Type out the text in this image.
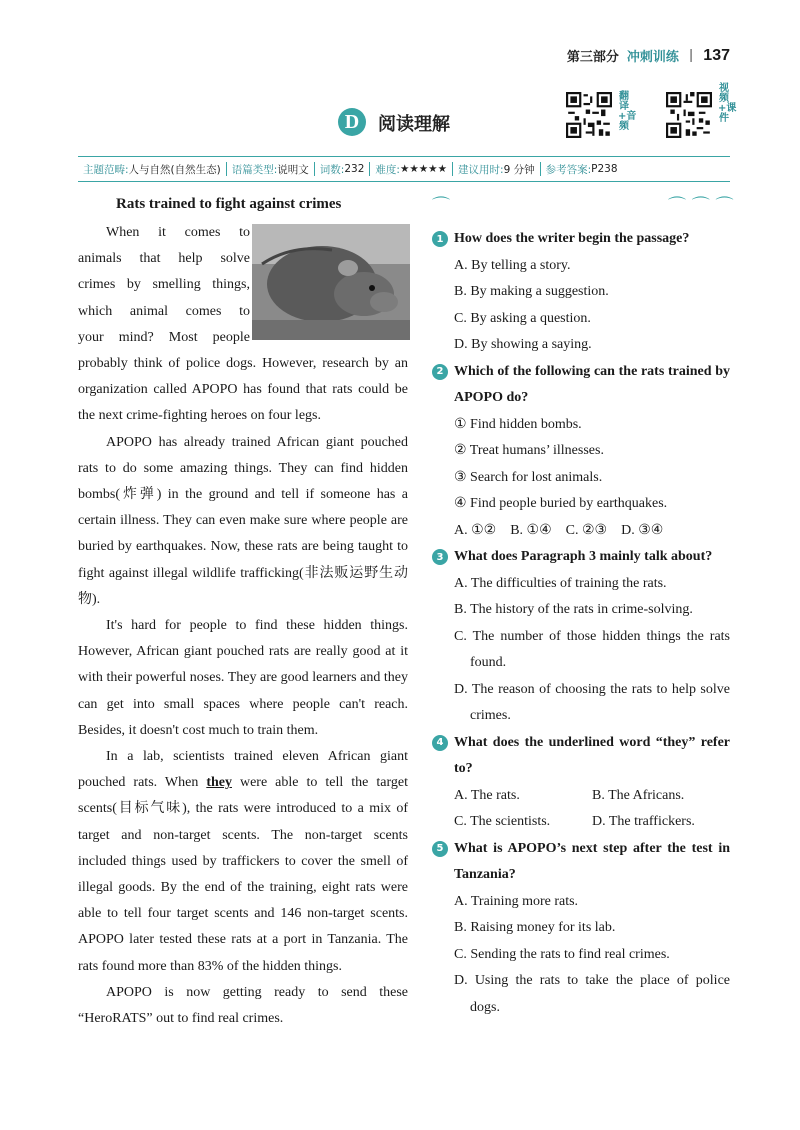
第三部分 冲刺训练 | 137
D	阅读理解
翻译+音频
视频+课件
主题范畴: 人与自然(自然生态) 语篇类型: 说明文 词数: 232 难度: ★★★★★ 建议用时: 9 分钟 参考答案: P238
⌒	⌒ ⌒ ⌒
Rats trained to fight against crimes
When it comes to
animals that help solve
crimes by smelling things,
which animal comes to
your mind? Most people

probably think of police dogs. However, research by an organization called APOPO has found that rats could be the next crime-fighting heroes on four legs.

APOPO has already trained African giant pouched rats to do some amazing things. They can find hidden bombs(炸弹) in the ground and tell if someone has a certain illness. They can even make sure where people are buried by earthquakes. Now, these rats are being taught to fight against illegal wildlife trafficking(非法贩运野生动物).

It's hard for people to find these hidden things. However, African giant pouched rats are really good at it with their powerful noses. They are good learners and they can get into small spaces where people can't reach. Besides, it doesn't cost much to train them.

In a lab, scientists trained eleven African giant pouched rats. When they were able to tell the target scents(目标气味), the rats were introduced to a mix of target and non-target scents. The non-target scents included things used by traffickers to cover the smell of illegal goods. By the end of the training, eight rats were able to tell four target scents and 146 non-target scents. APOPO later tested these rats at a port in Tanzania. The rats found more than 83% of the hidden things.

APOPO is now getting ready to send these “HeroRATS” out to find real crimes.

1 How does the writer begin the passage?
A. By telling a story.
B. By making a suggestion.
C. By asking a question.
D. By showing a saying.
2 Which of the following can the rats trained by APOPO do?
① Find hidden bombs.
② Treat humans’ illnesses.
③ Search for lost animals.
④ Find people buried by earthquakes.
A. ①② B. ①④ C. ②③ D. ③④
3 What does Paragraph 3 mainly talk about?
A. The difficulties of training the rats.
B. The history of the rats in crime-solving.
C. The number of those hidden things the rats found.
D. The reason of choosing the rats to help solve crimes.
4 What does the underlined word “they” refer to?
A. The rats.	B. The Africans.
C. The scientists.	D. The traffickers.
5 What is APOPO’s next step after the test in Tanzania?
A. Training more rats.
B. Raising money for its lab.
C. Sending the rats to find real crimes.
D. Using the rats to take the place of police dogs.
